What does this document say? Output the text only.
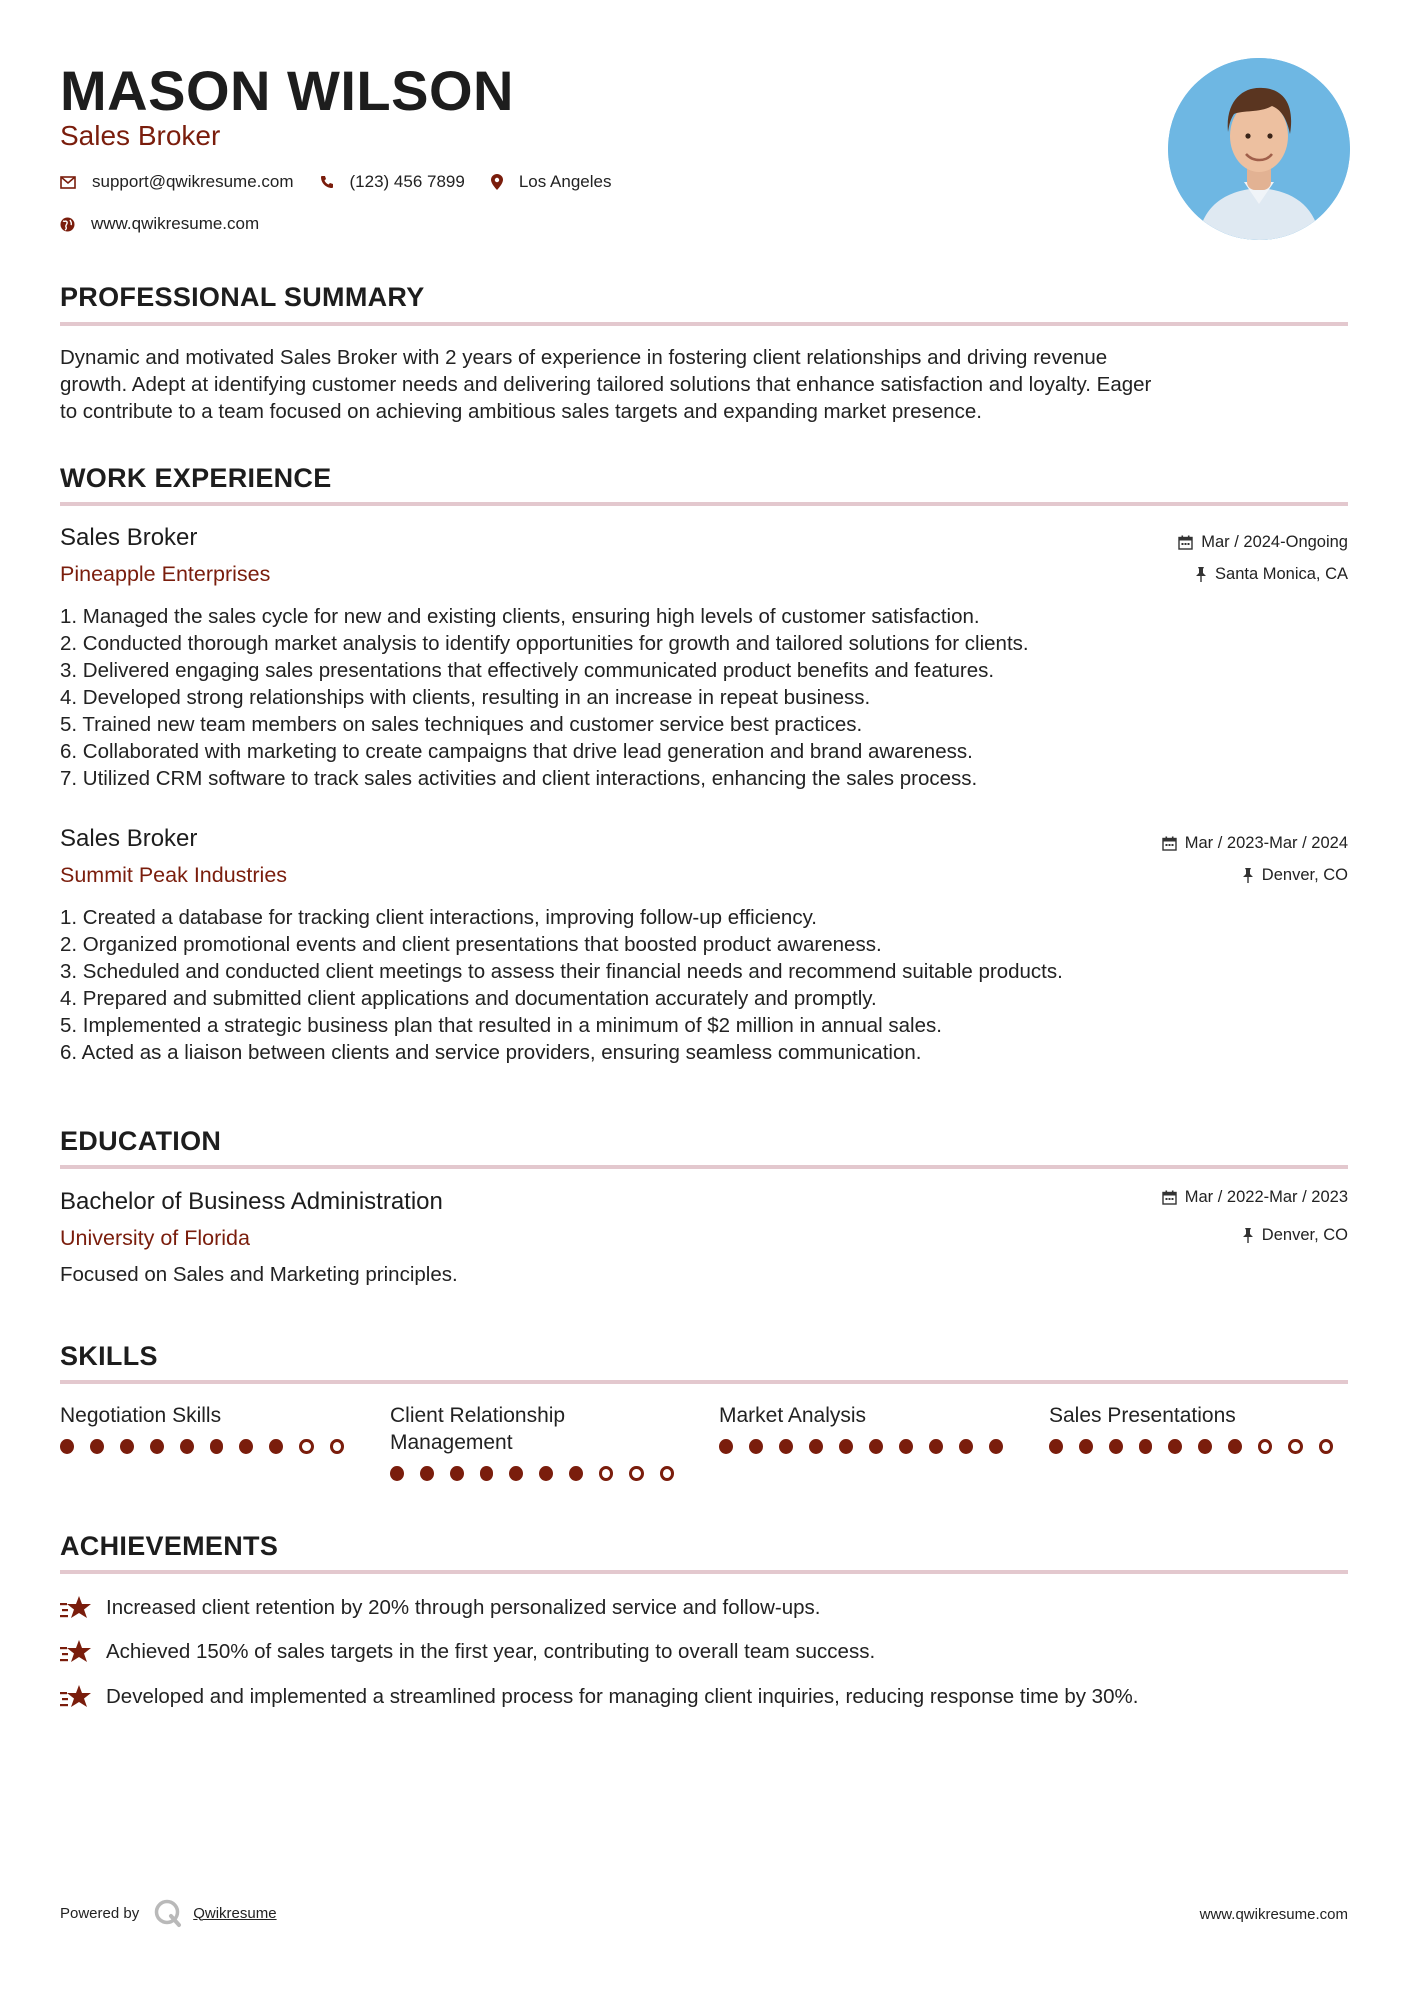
MASON WILSON
Sales Broker
support@qwikresume.com	(123) 456 7899	Los Angeles
www.qwikresume.com
PROFESSIONAL SUMMARY
Dynamic and motivated Sales Broker with 2 years of experience in fostering client relationships and driving revenue
growth. Adept at identifying customer needs and delivering tailored solutions that enhance satisfaction and loyalty. Eager
to contribute to a team focused on achieving ambitious sales targets and expanding market presence.
WORK EXPERIENCE
Sales Broker
Pineapple Enterprises
Mar / 2024-Ongoing
Santa Monica, CA
1. Managed the sales cycle for new and existing clients, ensuring high levels of customer satisfaction.
2. Conducted thorough market analysis to identify opportunities for growth and tailored solutions for clients.
3. Delivered engaging sales presentations that effectively communicated product benefits and features.
4. Developed strong relationships with clients, resulting in an increase in repeat business.
5. Trained new team members on sales techniques and customer service best practices.
6. Collaborated with marketing to create campaigns that drive lead generation and brand awareness.
7. Utilized CRM software to track sales activities and client interactions, enhancing the sales process.
Sales Broker
Summit Peak Industries
Mar / 2023-Mar / 2024
Denver, CO
1. Created a database for tracking client interactions, improving follow-up efficiency.
2. Organized promotional events and client presentations that boosted product awareness.
3. Scheduled and conducted client meetings to assess their financial needs and recommend suitable products.
4. Prepared and submitted client applications and documentation accurately and promptly.
5. Implemented a strategic business plan that resulted in a minimum of $2 million in annual sales.
6. Acted as a liaison between clients and service providers, ensuring seamless communication.
EDUCATION
Bachelor of Business Administration
University of Florida
Mar / 2022-Mar / 2023
Denver, CO
Focused on Sales and Marketing principles.
SKILLS
Negotiation Skills	Client Relationship
Management
Market Analysis	Sales Presentations
ACHIEVEMENTS
Increased client retention by 20% through personalized service and follow-ups.
Achieved 150% of sales targets in the first year, contributing to overall team success.
Developed and implemented a streamlined process for managing client inquiries, reducing response time by 30%.
Powered by	Qwikresume	www.qwikresume.com
